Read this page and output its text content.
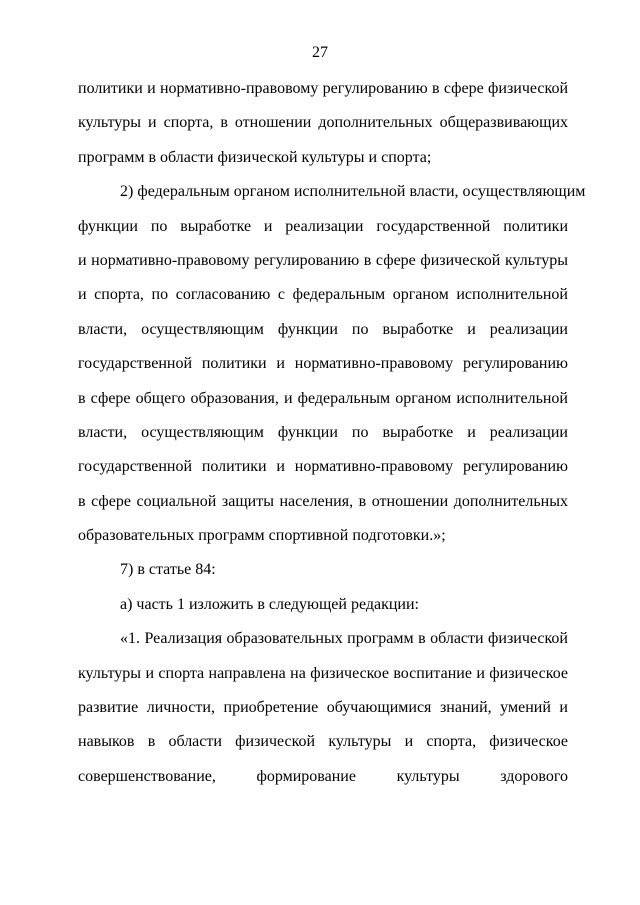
27
политики и нормативно-правовому регулированию в сфере физической
культуры и спорта, в отношении дополнительных общеразвивающих
программ в области физической культуры и спорта;
2) федеральным органом исполнительной власти, осуществляющим
функции по выработке и реализации государственной политики
и нормативно-правовому регулированию в сфере физической культуры
и спорта, по согласованию с федеральным органом исполнительной
власти, осуществляющим функции по выработке и реализации
государственной политики и нормативно-правовому регулированию
в сфере общего образования, и федеральным органом исполнительной
власти, осуществляющим функции по выработке и реализации
государственной политики и нормативно-правовому регулированию
в сфере социальной защиты населения, в отношении дополнительных
образовательных программ спортивной подготовки.»;
7) в статье 84:
а) часть 1 изложить в следующей редакции:
«1. Реализация образовательных программ в области физической
культуры и спорта направлена на физическое воспитание и физическое
развитие личности, приобретение обучающимися знаний, умений и
навыков в области физической культуры и спорта, физическое
совершенствование, формирование культуры здорового
